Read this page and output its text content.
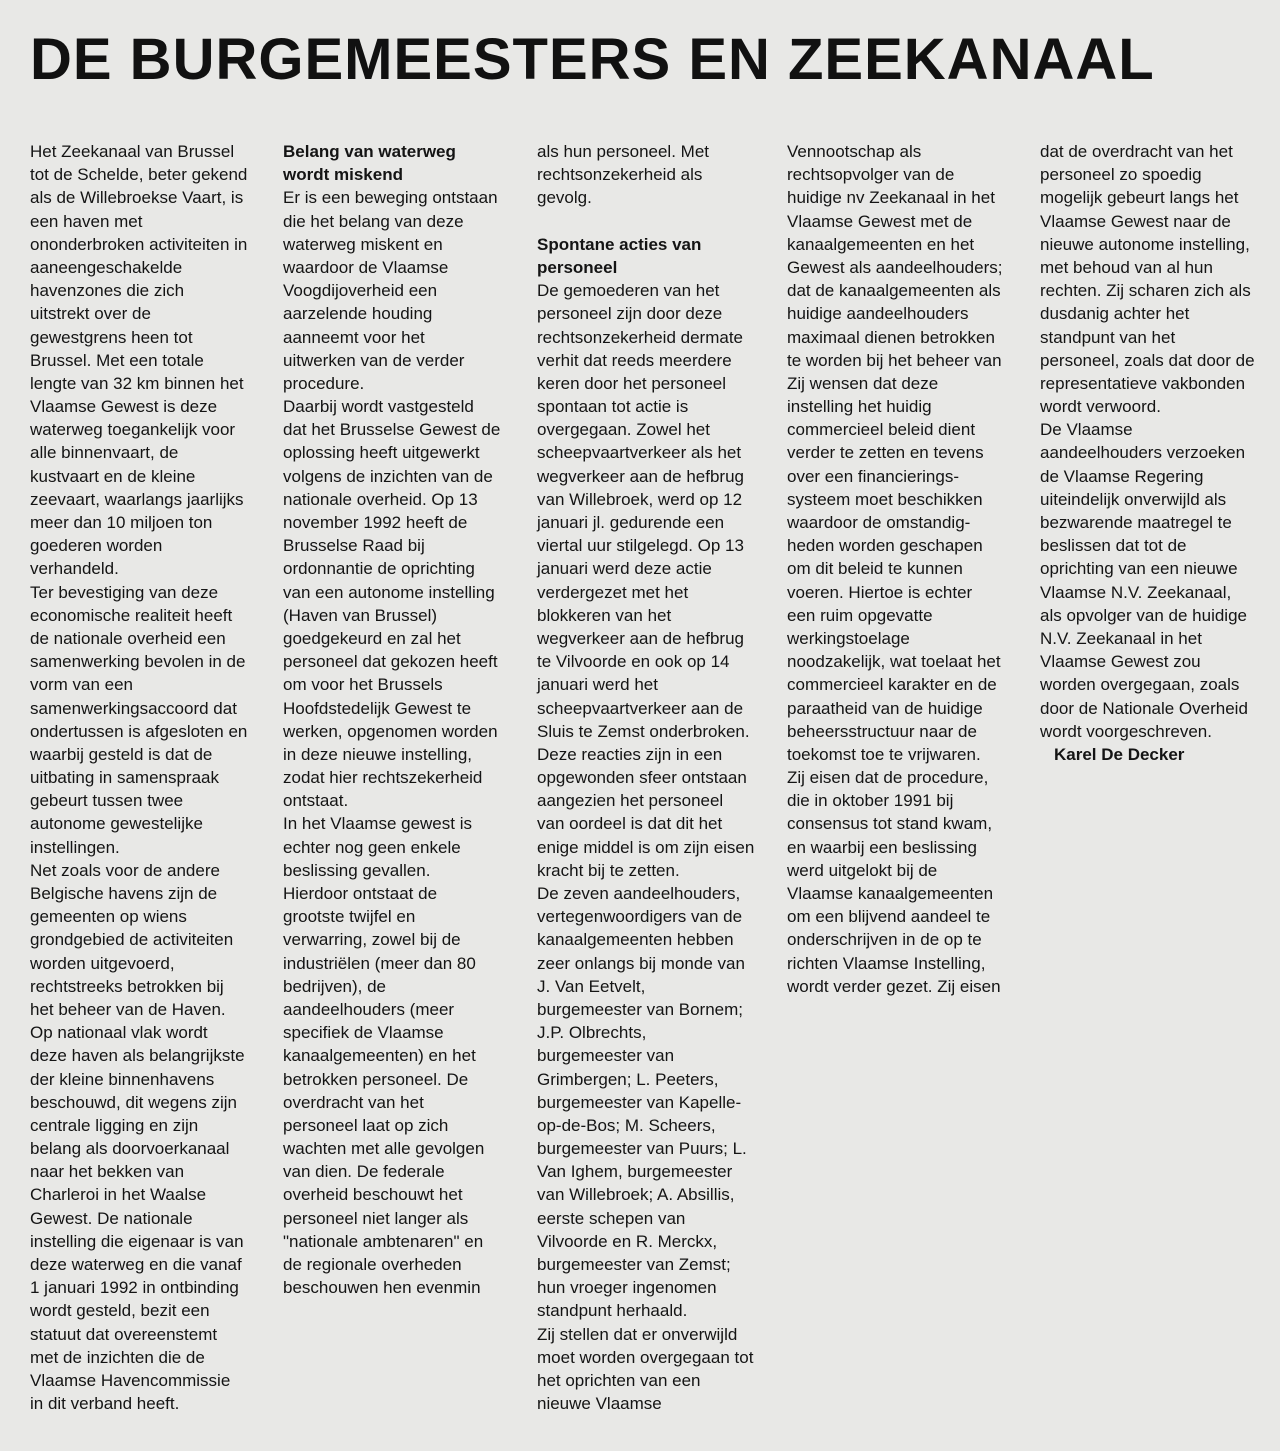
DE BURGEMEESTERS EN ZEEKANAAL
Het Zeekanaal van Brussel
tot de Schelde, beter gekend
als de Willebroekse Vaart, is
een haven met
ononderbroken activiteiten in
aaneengeschakelde
havenzones die zich
uitstrekt over de
gewestgrens heen tot
Brussel. Met een totale
lengte van 32 km binnen het
Vlaamse Gewest is deze
waterweg toegankelijk voor
alle binnenvaart, de
kustvaart en de kleine
zeevaart, waarlangs jaarlijks
meer dan 10 miljoen ton
goederen worden
verhandeld.
Ter bevestiging van deze
economische realiteit heeft
de nationale overheid een
samenwerking bevolen in de
vorm van een
samenwerkingsaccoord dat
ondertussen is afgesloten en
waarbij gesteld is dat de
uitbating in samenspraak
gebeurt tussen twee
autonome gewestelijke
instellingen.
Net zoals voor de andere
Belgische havens zijn de
gemeenten op wiens
grondgebied de activiteiten
worden uitgevoerd,
rechtstreeks betrokken bij
het beheer van de Haven.
Op nationaal vlak wordt
deze haven als belangrijkste
der kleine binnenhavens
beschouwd, dit wegens zijn
centrale ligging en zijn
belang als doorvoerkanaal
naar het bekken van
Charleroi in het Waalse
Gewest. De nationale
instelling die eigenaar is van
deze waterweg en die vanaf
1 januari 1992 in ontbinding
wordt gesteld, bezit een
statuut dat overeenstemt
met de inzichten die de
Vlaamse Havencommissie
in dit verband heeft.
Belang van waterweg
wordt miskend
Er is een beweging ontstaan
die het belang van deze
waterweg miskent en
waardoor de Vlaamse
Voogdijoverheid een
aarzelende houding
aanneemt voor het
uitwerken van de verder
procedure.
Daarbij wordt vastgesteld
dat het Brusselse Gewest de
oplossing heeft uitgewerkt
volgens de inzichten van de
nationale overheid. Op 13
november 1992 heeft de
Brusselse Raad bij
ordonnantie de oprichting
van een autonome instelling
(Haven van Brussel)
goedgekeurd en zal het
personeel dat gekozen heeft
om voor het Brussels
Hoofdstedelijk Gewest te
werken, opgenomen worden
in deze nieuwe instelling,
zodat hier rechtszekerheid
ontstaat.
In het Vlaamse gewest is
echter nog geen enkele
beslissing gevallen.
Hierdoor ontstaat de
grootste twijfel en
verwarring, zowel bij de
industriëlen (meer dan 80
bedrijven), de
aandeelhouders (meer
specifiek de Vlaamse
kanaalgemeenten) en het
betrokken personeel. De
overdracht van het
personeel laat op zich
wachten met alle gevolgen
van dien. De federale
overheid beschouwt het
personeel niet langer als
"nationale ambtenaren" en
de regionale overheden
beschouwen hen evenmin
als hun personeel. Met
rechtsonzekerheid als
gevolg.
Spontane acties van
personeel
De gemoederen van het
personeel zijn door deze
rechtsonzekerheid dermate
verhit dat reeds meerdere
keren door het personeel
spontaan tot actie is
overgegaan. Zowel het
scheepvaartverkeer als het
wegverkeer aan de hefbrug
van Willebroek, werd op 12
januari jl. gedurende een
viertal uur stilgelegd. Op 13
januari werd deze actie
verdergezet met het
blokkeren van het
wegverkeer aan de hefbrug
te Vilvoorde en ook op 14
januari werd het
scheepvaartverkeer aan de
Sluis te Zemst onderbroken.
Deze reacties zijn in een
opgewonden sfeer ontstaan
aangezien het personeel
van oordeel is dat dit het
enige middel is om zijn eisen
kracht bij te zetten.
De zeven aandeelhouders,
vertegenwoordigers van de
kanaalgemeenten hebben
zeer onlangs bij monde van
J. Van Eetvelt,
burgemeester van Bornem;
J.P. Olbrechts,
burgemeester van
Grimbergen; L. Peeters,
burgemeester van Kapelle-
op-de-Bos; M. Scheers,
burgemeester van Puurs; L.
Van Ighem, burgemeester
van Willebroek; A. Absillis,
eerste schepen van
Vilvoorde en R. Merckx,
burgemeester van Zemst;
hun vroeger ingenomen
standpunt herhaald.
Zij stellen dat er onverwijld
moet worden overgegaan tot
het oprichten van een
nieuwe Vlaamse
Vennootschap als
rechtsopvolger van de
huidige nv Zeekanaal in het
Vlaamse Gewest met de
kanaalgemeenten en het
Gewest als aandeelhouders;
dat de kanaalgemeenten als
huidige aandeelhouders
maximaal dienen betrokken
te worden bij het beheer van
Zij wensen dat deze
instelling het huidig
commercieel beleid dient
verder te zetten en tevens
over een financierings-
systeem moet beschikken
waardoor de omstandig-
heden worden geschapen
om dit beleid te kunnen
voeren. Hiertoe is echter
een ruim opgevatte
werkingstoelage
noodzakelijk, wat toelaat het
commercieel karakter en de
paraatheid van de huidige
beheersstructuur naar de
toekomst toe te vrijwaren.
Zij eisen dat de procedure,
die in oktober 1991 bij
consensus tot stand kwam,
en waarbij een beslissing
werd uitgelokt bij de
Vlaamse kanaalgemeenten
om een blijvend aandeel te
onderschrijven in de op te
richten Vlaamse Instelling,
wordt verder gezet. Zij eisen
dat de overdracht van het
personeel zo spoedig
mogelijk gebeurt langs het
Vlaamse Gewest naar de
nieuwe autonome instelling,
met behoud van al hun
rechten. Zij scharen zich als
dusdanig achter het
standpunt van het
personeel, zoals dat door de
representatieve vakbonden
wordt verwoord.
De Vlaamse
aandeelhouders verzoeken
de Vlaamse Regering
uiteindelijk onverwijld als
bezwarende maatregel te
beslissen dat tot de
oprichting van een nieuwe
Vlaamse N.V. Zeekanaal,
als opvolger van de huidige
N.V. Zeekanaal in het
Vlaamse Gewest zou
worden overgegaan, zoals
door de Nationale Overheid
wordt voorgeschreven.
Karel De Decker
